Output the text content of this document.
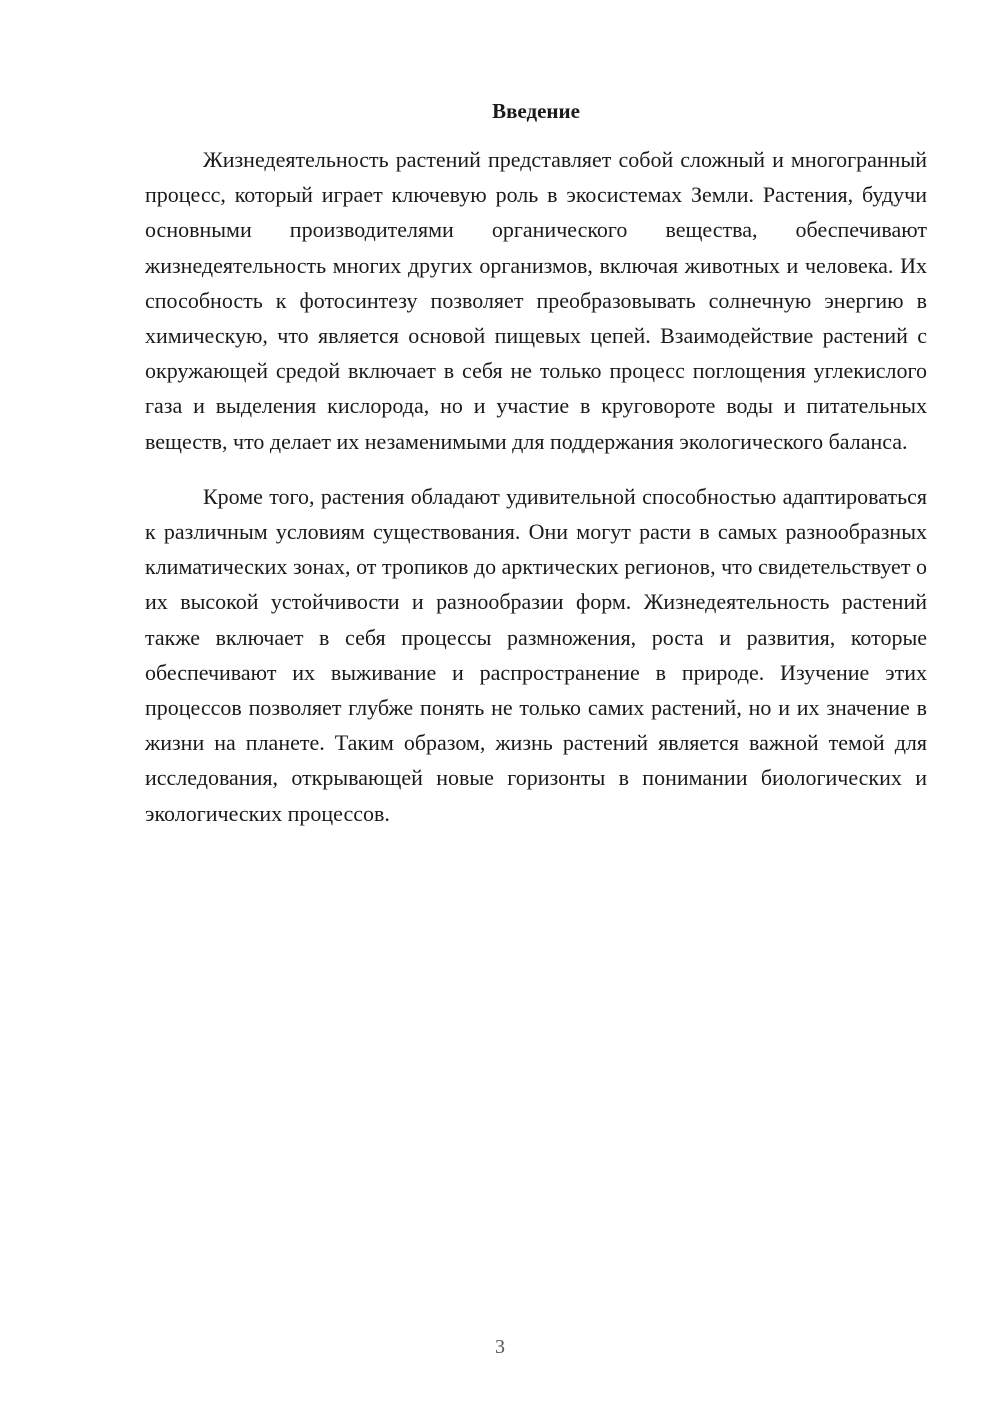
Введение

Жизнедеятельность растений представляет собой сложный и многогранный процесс, который играет ключевую роль в экосистемах Земли. Растения, будучи основными производителями органического вещества, обеспечивают жизнедеятельность многих других организмов, включая животных и человека. Их способность к фотосинтезу позволяет преобразовывать солнечную энергию в химическую, что является основой пищевых цепей. Взаимодействие растений с окружающей средой включает в себя не только процесс поглощения углекислого газа и выделения кислорода, но и участие в круговороте воды и питательных веществ, что делает их незаменимыми для поддержания экологического баланса.

Кроме того, растения обладают удивительной способностью адаптироваться к различным условиям существования. Они могут расти в самых разнообразных климатических зонах, от тропиков до арктических регионов, что свидетельствует о их высокой устойчивости и разнообразии форм. Жизнедеятельность растений также включает в себя процессы размножения, роста и развития, которые обеспечивают их выживание и распространение в природе. Изучение этих процессов позволяет глубже понять не только самих растений, но и их значение в жизни на планете. Таким образом, жизнь растений является важной темой для исследования, открывающей новые горизонты в понимании биологических и экологических процессов.

3
